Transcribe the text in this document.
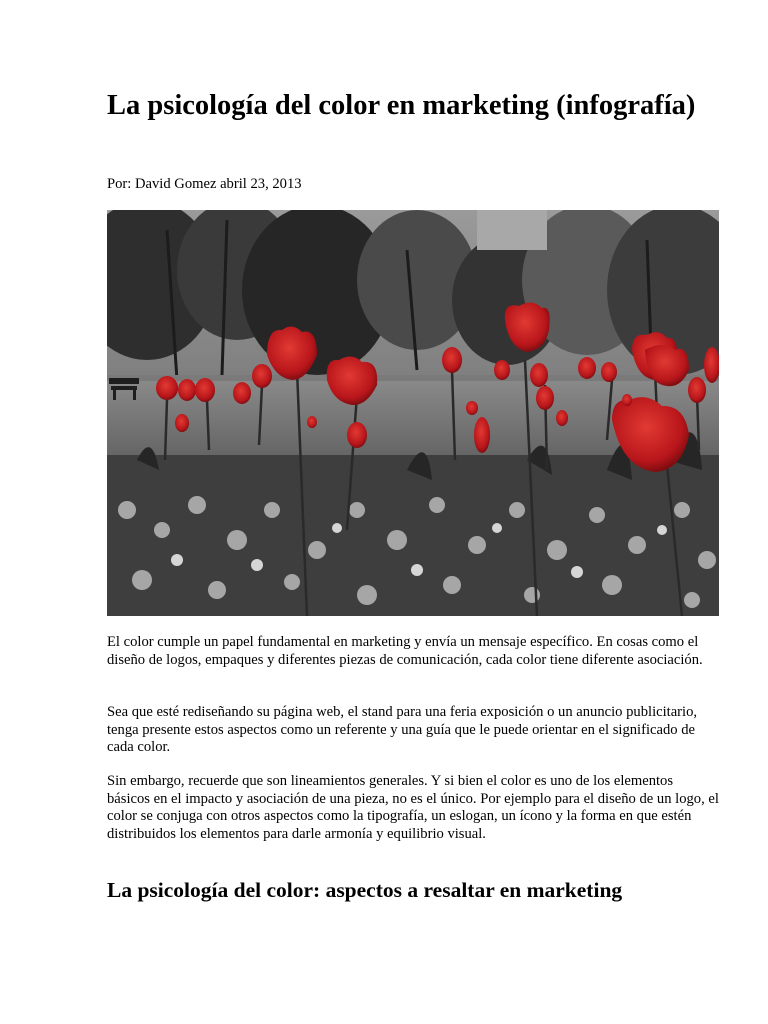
La psicología del color en marketing (infografía)

Por: David Gomez abril 23, 2013

El color cumple un papel fundamental en marketing y envía un mensaje específico. En cosas como el diseño de logos, empaques y diferentes piezas de comunicación, cada color tiene diferente asociación.

Sea que esté rediseñando su página web, el stand para una feria exposición o un anuncio publicitario, tenga presente estos aspectos como un referente y una guía que le puede orientar en el significado de cada color.

Sin embargo, recuerde que son lineamientos generales. Y si bien el color es uno de los elementos básicos en el impacto y asociación de una pieza, no es el único. Por ejemplo para el diseño de un logo, el color se conjuga con otros aspectos como la tipografía, un eslogan, un ícono y la forma en que estén distribuidos los elementos para darle armonía y equilibrio visual.

La psicología del color: aspectos a resaltar en marketing
